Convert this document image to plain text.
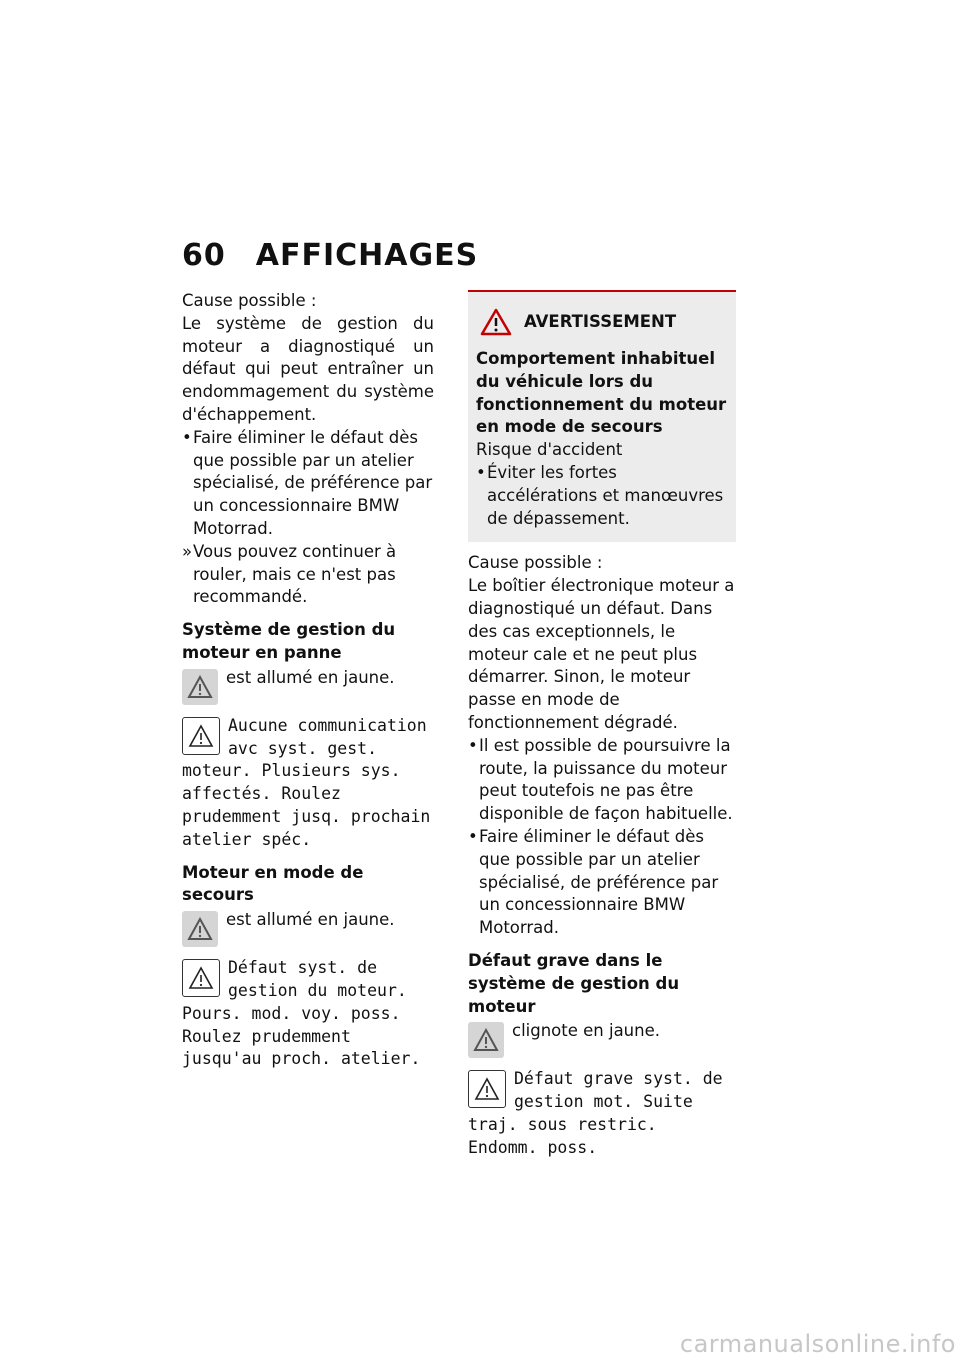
60 AFFICHAGES

Cause possible :

Le système de gestion du moteur a diagnostiqué un défaut qui peut entraîner un endommagement du système d'échappement.

• Faire éliminer le défaut dès que possible par un atelier spécialisé, de préférence par un concessionnaire BMW Motorrad.

» Vous pouvez continuer à rouler, mais ce n'est pas recommandé.

Système de gestion du moteur en panne
est allumé en jaune.
Aucune communication avc syst. gest. moteur. Plusieurs sys. affectés. Roulez prudemment jusq. prochain atelier spéc.
Moteur en mode de secours
est allumé en jaune.
Défaut syst. de gestion du moteur. Pours. mod. voy. poss. Roulez prudemment jusqu'au proch. atelier.
AVERTISSEMENT

Comportement inhabituel du véhicule lors du fonctionnement du moteur en mode de secours

Risque d'accident

• Éviter les fortes accélérations et manœuvres de dépassement.

Cause possible :

Le boîtier électronique moteur a diagnostiqué un défaut. Dans des cas exceptionnels, le moteur cale et ne peut plus démarrer. Sinon, le moteur passe en mode de fonctionnement dégradé.

• Il est possible de poursuivre la route, la puissance du moteur peut toutefois ne pas être disponible de façon habituelle.

• Faire éliminer le défaut dès que possible par un atelier spécialisé, de préférence par un concessionnaire BMW Motorrad.

Défaut grave dans le système de gestion du moteur
clignote en jaune.
Défaut grave syst. de gestion mot. Suite traj. sous restric. Endomm. poss.
carmanualsonline.info
